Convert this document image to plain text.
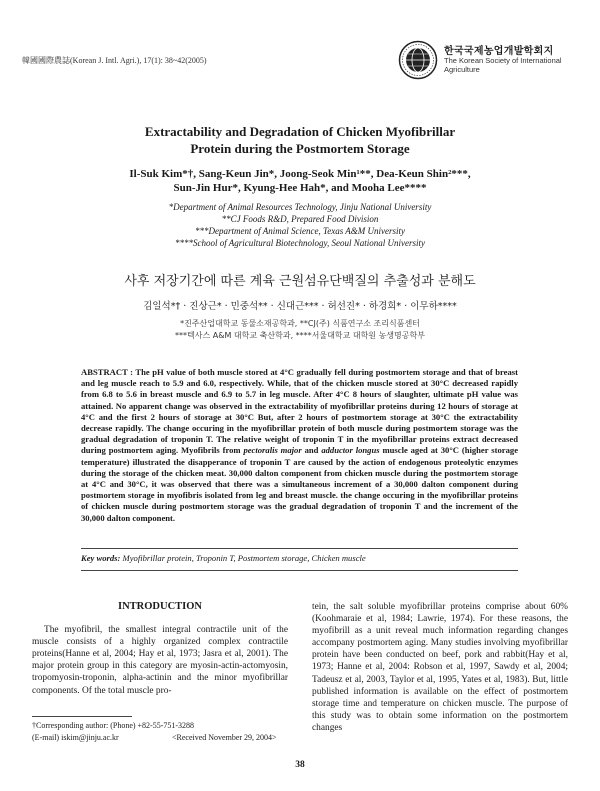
韓國國際農誌(Korean J. Intl. Agri.), 17(1): 38~42(2005)
한국국제농업개발학회지
The Korean Society of International
Agriculture
Extractability and Degradation of Chicken Myofibrillar
Protein during the Postmortem Storage
Il-Suk Kim*†, Sang-Keun Jin*, Joong-Seok Min¹**, Dea-Keun Shin²***,
Sun-Jin Hur*, Kyung-Hee Hah*, and Mooha Lee****
*Department of Animal Resources Technology, Jinju National University
**CJ Foods R&D, Prepared Food Division
***Department of Animal Science, Texas A&M University
****School of Agricultural Biotechnology, Seoul National University
사후 저장기간에 따른 계육 근원섬유단백질의 추출성과 분해도
김일석*† · 진상근* · 민중석** · 신대근*** · 허선진* · 하경희* · 이무하****
*진주산업대학교 동물소재공학과, **CJ(주) 식품연구소 조리식품센터
***텍사스 A&M 대학교 축산학과, ****서울대학교 대학원 농생명공학부
ABSTRACT : The pH value of both muscle stored at 4°C gradually fell during postmortem storage and that of breast and leg muscle reach to 5.9 and 6.0, respectively. While, that of the chicken muscle stored at 30°C decreased rapidly from 6.8 to 5.6 in breast muscle and 6.9 to 5.7 in leg muscle. After 4°C 8 hours of slaughter, ultimate pH value was attained. No apparent change was observed in the extractability of myofibrillar proteins during 12 hours of storage at 4°C and the first 2 hours of storage at 30°C But, after 2 hours of postmortem storage at 30°C the extractability decrease rapidly. The change occuring in the myofibrillar protein of both muscle during postmortem storage was the gradual degradation of troponin T. The relative weight of troponin T in the myofibrillar proteins extract decreased during postmortem aging. Myofibrils from pectoralis major and adductor longus muscle aged at 30°C (higher storage temperature) illustrated the disapperance of troponin T are caused by the action of endogenous proteolytic enzymes during the storage of the chicken meat. 30,000 dalton component from chicken muscle during the postmortem storage at 4°C and 30°C, it was observed that there was a simultaneous increment of a 30,000 dalton component during postmortem storage in myofibris isolated from leg and breast muscle. the change occuring in the myofibrillar proteins of chicken muscle during postmortem storage was the gradual degradation of troponin T and the increment of the 30,000 dalton component.
Key words: Myofibrillar protein, Troponin T, Postmortem storage, Chicken muscle
INTRODUCTION

The myofibril, the smallest integral contractile unit of the muscle consists of a highly organized complex contractile proteins(Hanne et al, 2004; Hay et al, 1973; Jasra et al, 2001). The major protein group in this category are myosin-actin-actomyosin, tropomyosin-troponin, alpha-actinin and the minor myofibrillar components. Of the total muscle pro-

tein, the salt soluble myofibrillar proteins comprise about 60%(Koohmaraie et al, 1984; Lawrie, 1974). For these reasons, the myofibrill as a unit reveal much information regarding changes accompany postmortem aging. Many studies involving myofibrillar protein have been conducted on beef, pork and rabbit(Hay et al, 1973; Hanne et al, 2004: Robson et al, 1997, Sawdy et al, 2004; Tadeusz et al, 2003, Taylor et al, 1995, Yates et al, 1983). But, little published information is available on the effect of postmortem storage time and temperature on chicken muscle. The purpose of this study was to obtain some information on the postmortem changes

†Corresponding author: (Phone) +82-55-751-3288
(E-mail) iskim@jinju.ac.kr	<Received November 29, 2004>
38
